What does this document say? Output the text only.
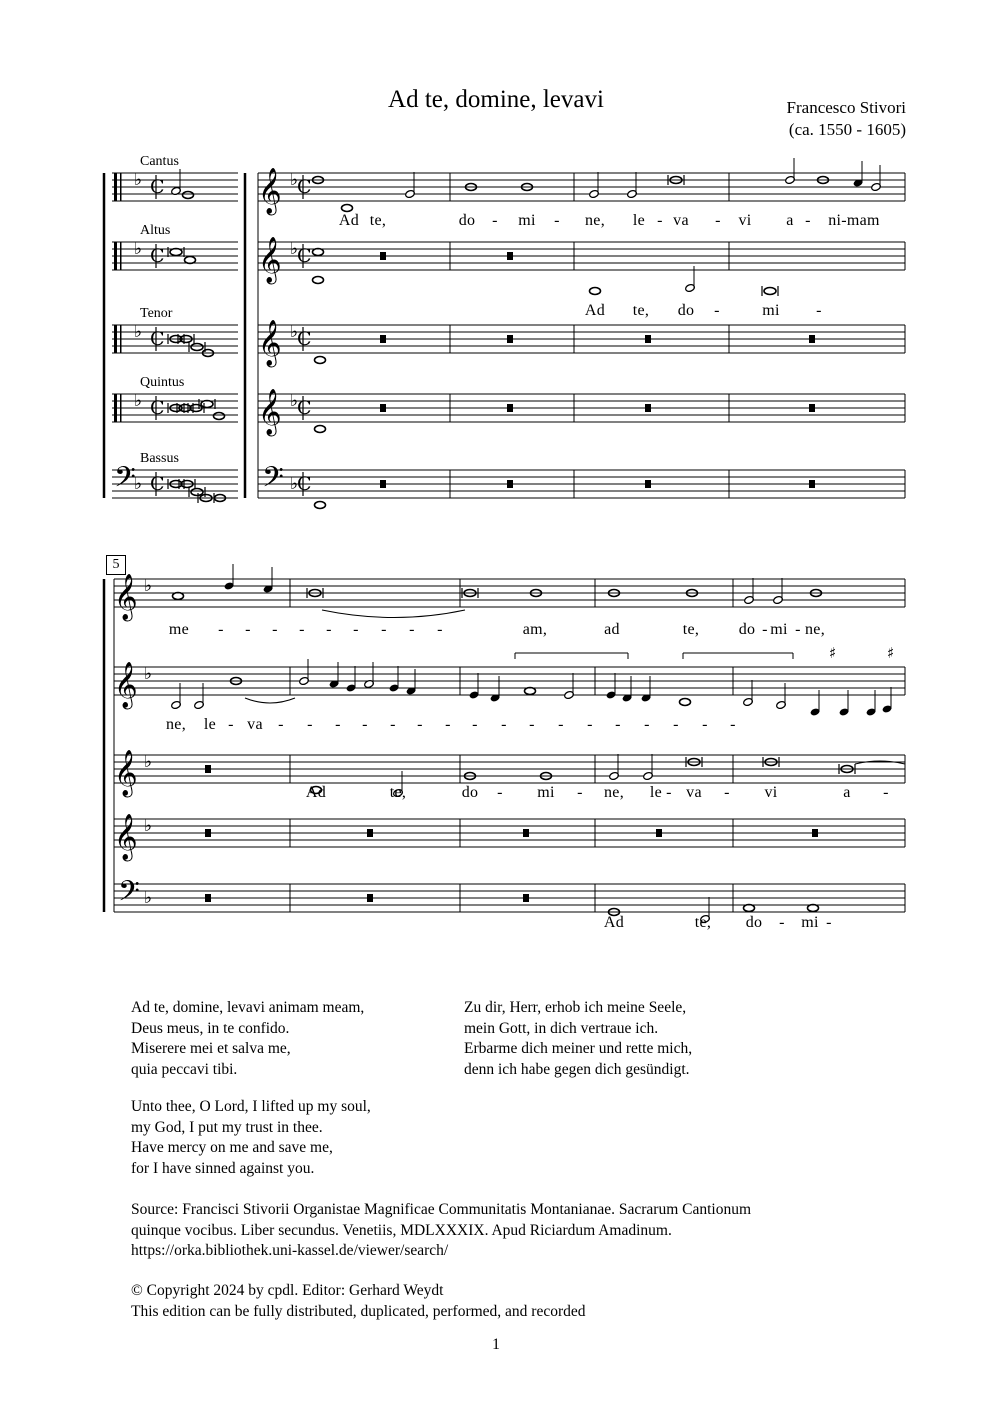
Ad te, domine, levavi	Francesco Stivori
(ca. 1550 - 1605)
C
♭	𝄞 ♭
C
C
♭	𝄞 ♭
C
C
♭	𝄞 ♭
C
C
♭	𝄞 ♭
C
C
♭
𝄢	𝄢 ♭
C
𝄞 ♭
𝄞 ♭
𝄞 ♭
𝄞 ♭
𝄢 ♭
♯	♯
Cantus
Altus
Tenor
Quintus
Bassus
Ad te,	do - mi - ne, le - va - vi a - ni-mam
Ad te, do -	mi -
5
me - - - - - - - - -	am,	ad	te, do - mi - ne,
ne, le - va - - - - - - - - - - - - - - - - -
Ad	te,	do - mi - ne, le - va - vi	a -
Ad	te, do - mi -
Ad te, domine, levavi animam meam,
Deus meus, in te confido.
Miserere mei et salva me,
quia peccavi tibi.
Zu dir, Herr, erhob ich meine Seele,
mein Gott, in dich vertraue ich.
Erbarme dich meiner und rette mich,
denn ich habe gegen dich gesündigt.
Unto thee, O Lord, I lifted up my soul,
my God, I put my trust in thee.
Have mercy on me and save me,
for I have sinned against you.
Source: Francisci Stivorii Organistae Magnificae Communitatis Montanianae. Sacrarum Cantionum
quinque vocibus. Liber secundus. Venetiis, MDLXXXIX. Apud Riciardum Amadinum.
https://orka.bibliothek.uni-kassel.de/viewer/search/
© Copyright 2024 by cpdl. Editor: Gerhard Weydt
This edition can be fully distributed, duplicated, performed, and recorded
1
